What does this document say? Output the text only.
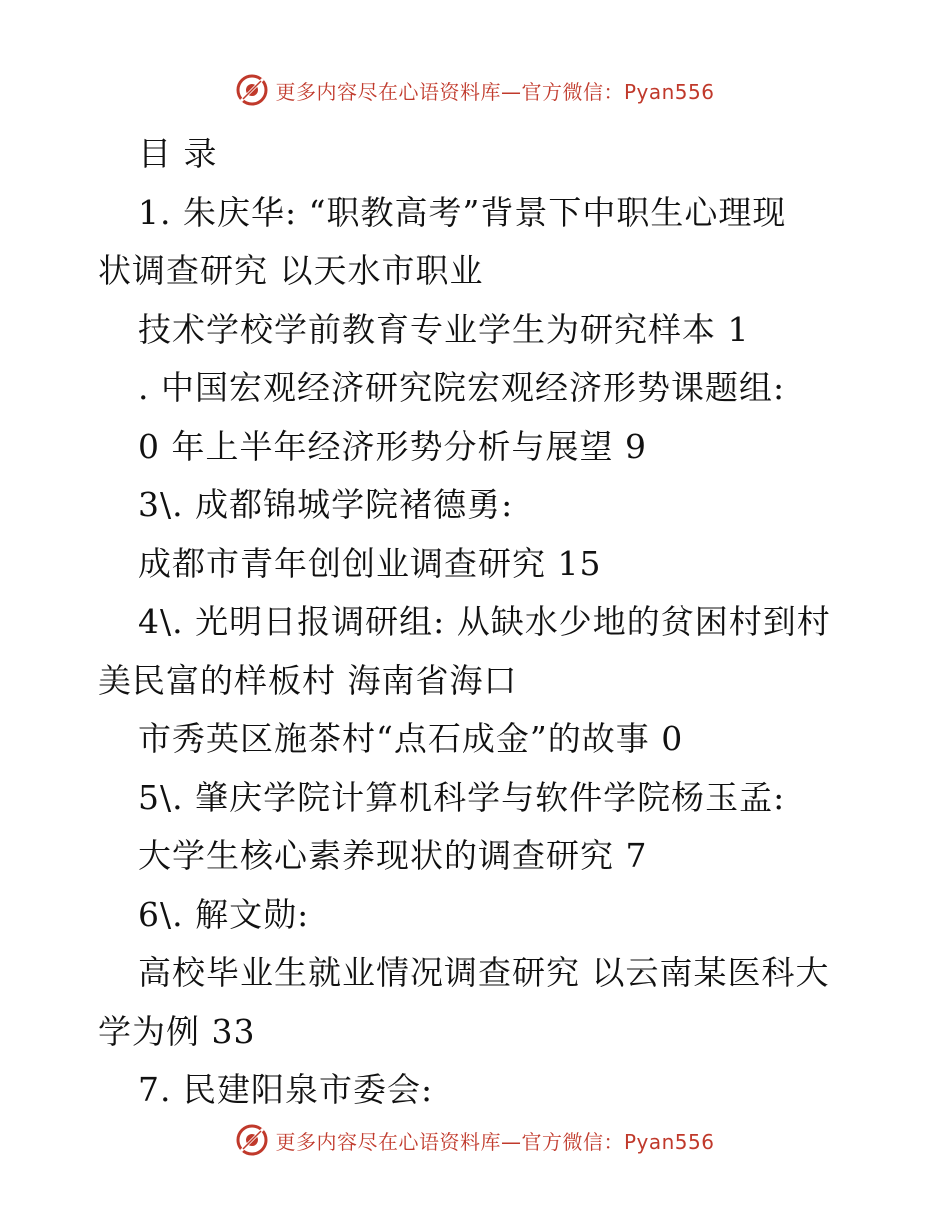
更多内容尽在心语资料库—官方微信：Pyan556
目 录
1. 朱庆华: “职教高考”背景下中职生心理现
状调查研究 以天水市职业
技术学校学前教育专业学生为研究样本 1
. 中国宏观经济研究院宏观经济形势课题组:
0 年上半年经济形势分析与展望 9
3\. 成都锦城学院褚德勇:
成都市青年创创业调查研究 15
4\. 光明日报调研组: 从缺水少地的贫困村到村
美民富的样板村 海南省海口
市秀英区施茶村“点石成金”的故事 0
5\. 肇庆学院计算机科学与软件学院杨玉孟:
大学生核心素养现状的调查研究 7
6\. 解文勋:
高校毕业生就业情况调查研究 以云南某医科大
学为例 33
7. 民建阳泉市委会:
更多内容尽在心语资料库—官方微信：Pyan556
